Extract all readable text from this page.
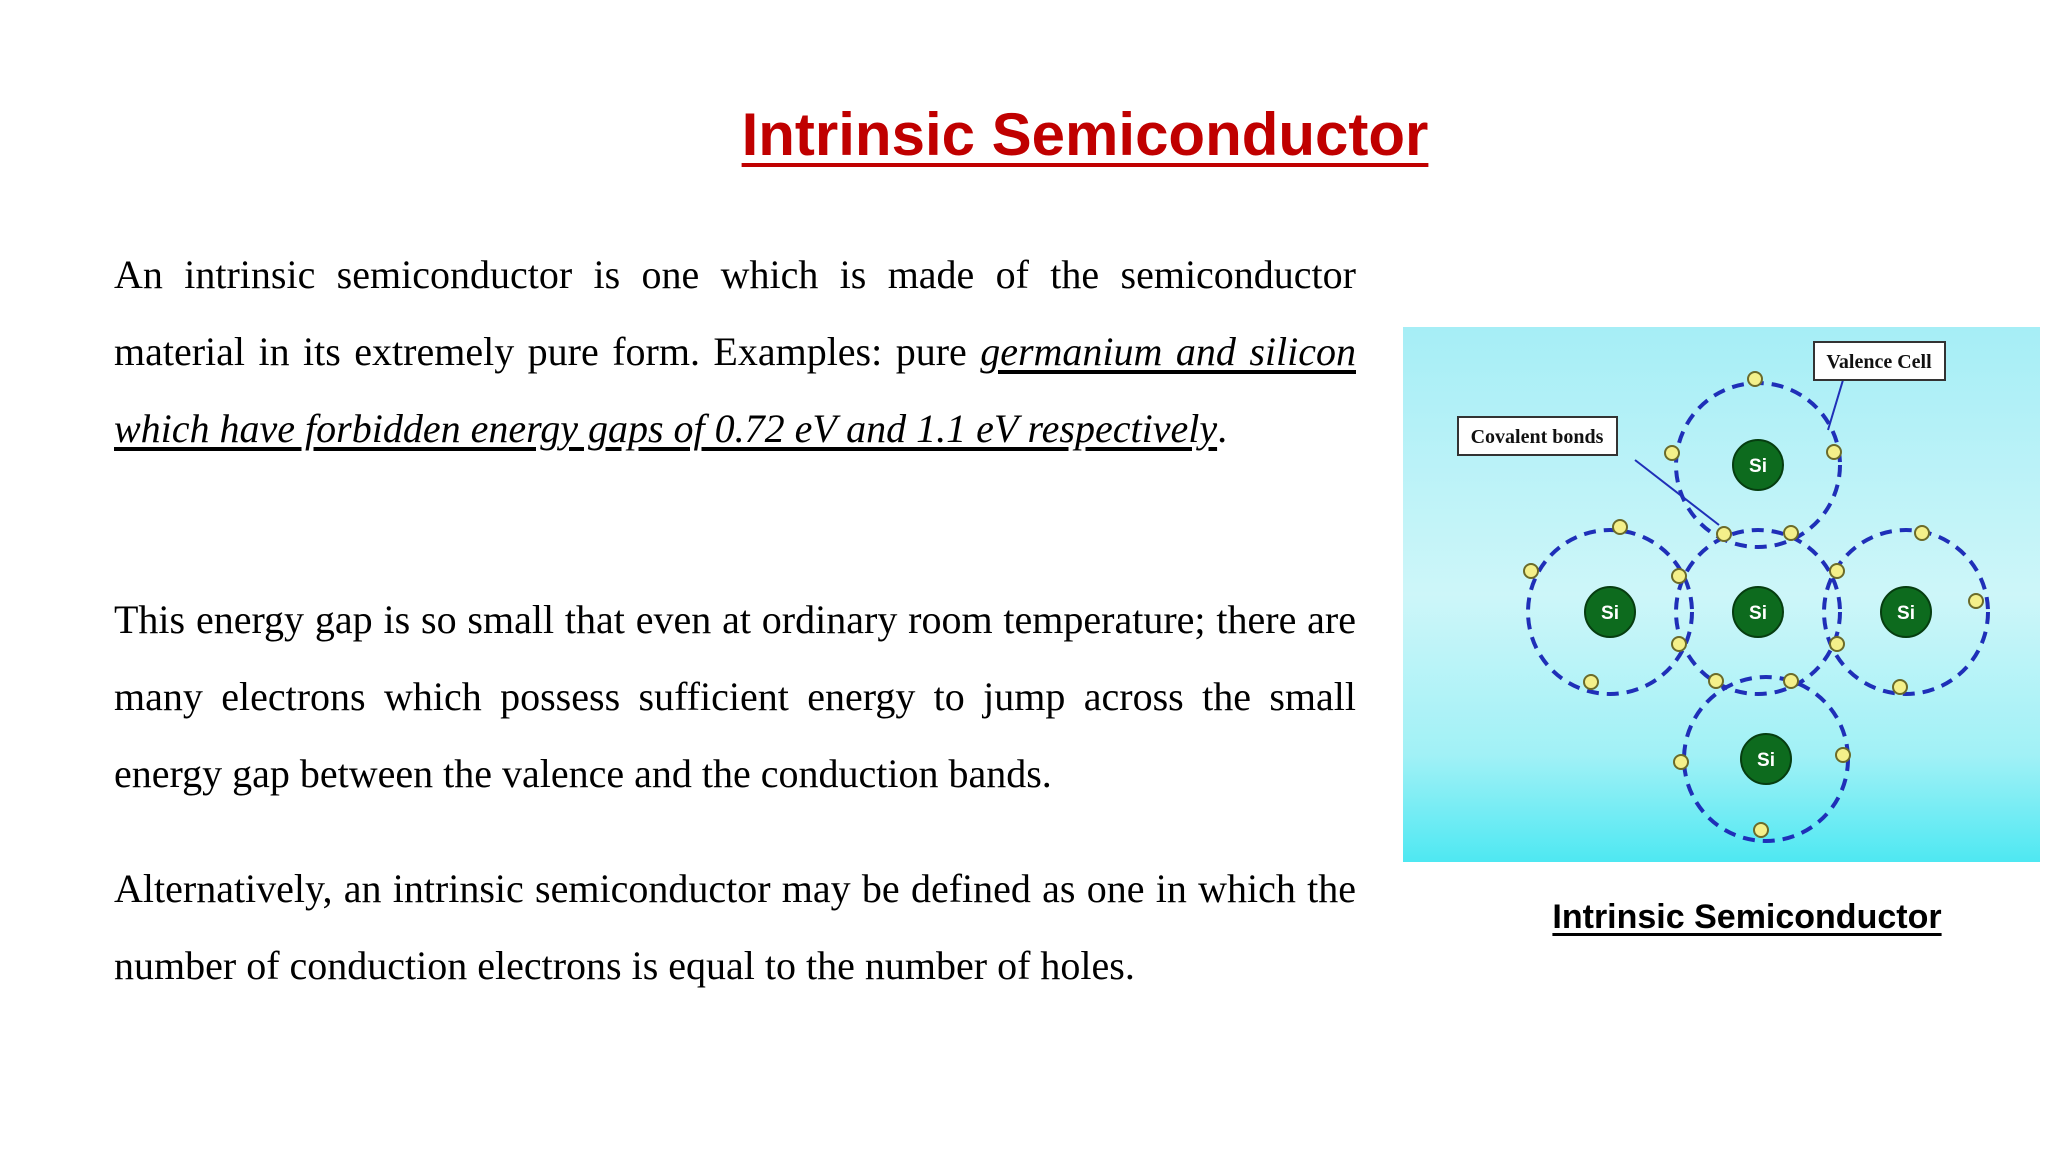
Intrinsic Semiconductor

An intrinsic semiconductor is one which is made of the semiconductor material in its extremely pure form. Examples: pure germanium and silicon which have forbidden energy gaps of 0.72 eV and 1.1 eV respectively.

This energy gap is so small that even at ordinary room temperature; there are many electrons which possess sufficient energy to jump across the small energy gap between the valence and the conduction bands.

Alternatively, an intrinsic semiconductor may be defined as one in which the number of conduction electrons is equal to the number of holes.

Si
Si	Si	Si
Si
Valence Cell
Covalent bonds
Intrinsic Semiconductor
